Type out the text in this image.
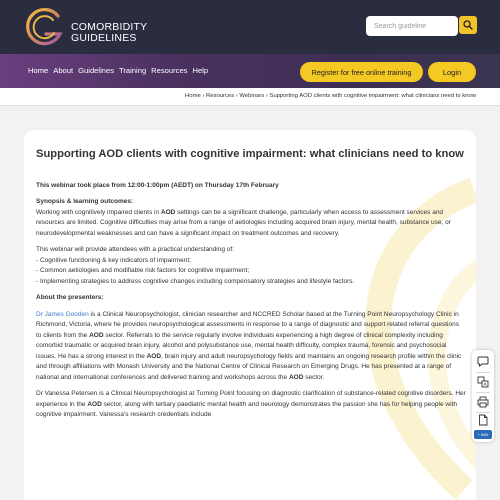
COMORBIDITY
GUIDELINES
Search guideline
Home About Guidelines Training Resources Help	Register for free online training	Login
Home › Resources › Webinars › Supporting AOD clients with cognitive impairment: what clinicians need to know
Supporting AOD clients with cognitive impairment: what clinicians need to know
This webinar took place from 12:00-1:00pm (AEDT) on Thursday 17th February
Synopsis & learning outcomes:
Working with cognitively impaired clients in AOD settings can be a significant challenge, particularly when access to assessment services and resources are limited. Cognitive difficulties may arise from a range of aetiologies including acquired brain injury, mental health, substance use, or neurodevelopmental weaknesses and can have a significant impact on treatment outcomes and recovery.
This webinar will provide attendees with a practical understanding of:
- Cognitive functioning & key indicators of impairment;
- Common aetiologies and modifiable risk factors for cognitive impairment;
- Implementing strategies to address cognitive changes including compensatory strategies and lifestyle factors.
About the presenters:
Dr James Gooden is a Clinical Neuropsychologist, clinician researcher and NCCRED Scholar based at the Turning Point Neuropsychology Clinic in Richmond, Victoria, where he provides neuropsychological assessments in response to a range of diagnostic and support related referral questions to clients from the AOD sector. Referrals to the service regularly involve individuals experiencing a high degree of clinical complexity including comorbid traumatic or acquired brain injury, alcohol and polysubstance use, mental health difficulty, complex trauma, forensic and psychosocial issues. He has a strong interest in the AOD, brain injury and adult neuropsychology fields and maintains an ongoing research profile within the clinic and through affiliations with Monash University and the National Centre of Clinical Research on Emerging Drugs. He has presented at a range of national and international conferences and delivered training and workshops across the AOD sector.
Dr Vanessa Petersen is a Clinical Neuropsychologist at Turning Point focusing on diagnostic clarification of substance-related cognitive disorders. Her experience in the AOD sector, along with tertiary paediatric mental health and neurology demonstrates the passion she has for helping people with cognitive impairment. Vanessa's research credentials include
A
+ IMD
